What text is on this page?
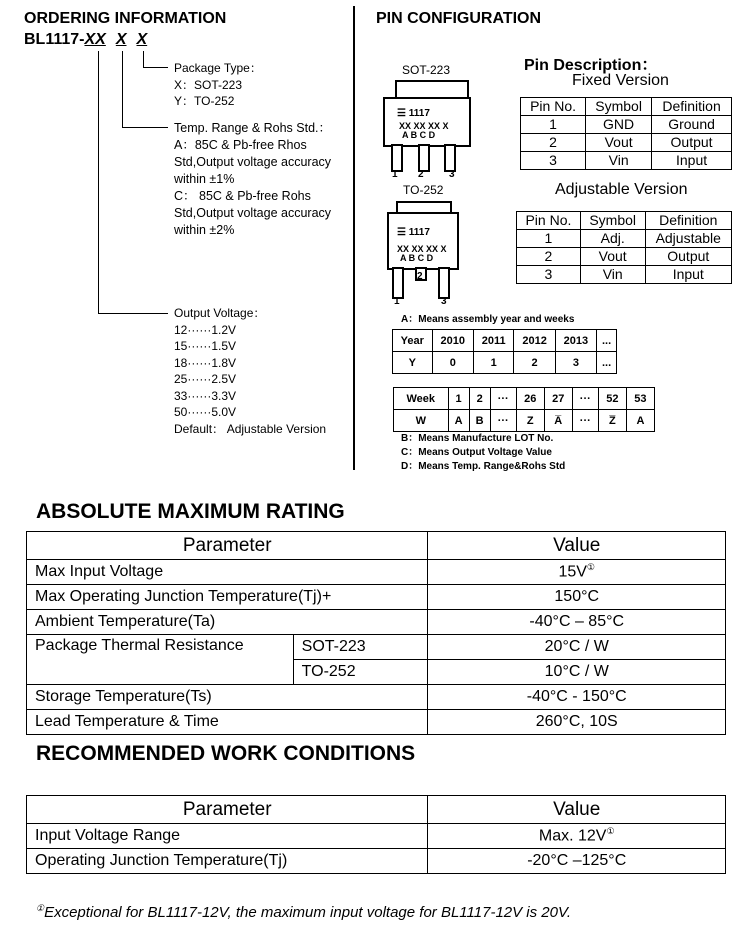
ORDERING INFORMATION
BL1117-XX X X
Package Type：
X：SOT-223
Y：TO-252
Temp. Range & Rohs Std.：
A：85C & Pb-free Rhos
Std,Output voltage accuracy
within ±1%
C： 85C & Pb-free Rohs
Std,Output voltage accuracy
within ±2%
Output Voltage：
12······1.2V
15······1.5V
18······1.8V
25······2.5V
33······3.3V
50······5.0V
Default： Adjustable Version
PIN CONFIGURATION
SOT-223
☰ 1117
XX XX XX X
A B C D
1 2	3
TO-252
☰ 1117
XX XX XX X
A B C D
1
2
3
Pin Description：
Fixed Version
Pin No.	Symbol	Definition
1	GND	Ground
2	Vout	Output
3	Vin	Input
Adjustable Version
Pin No.	Symbol	Definition
1	Adj.	Adjustable
2	Vout	Output
3	Vin	Input
A：Means assembly year and weeks
Year	2010	2011	2012	2013	...
Y	0	1	2	3	...
Week	1	2	···	26	27	···	52	53
W	A	B	···	Z	A̅	···	Z̅	A
B：Means Manufacture LOT No.
C：Means Output Voltage Value
D：Means Temp. Range&Rohs Std
ABSOLUTE MAXIMUM RATING
Parameter		Value
Max Input Voltage		15V①
Max Operating Junction Temperature(Tj)+		150°C
Ambient Temperature(Ta)		-40°C – 85°C
Package Thermal Resistance	SOT-223	20°C / W
	TO-252	10°C / W
Storage Temperature(Ts)		-40°C - 150°C
Lead Temperature & Time		260°C, 10S
RECOMMENDED WORK CONDITIONS
Parameter	Value
Input Voltage Range	Max. 12V①
Operating Junction Temperature(Tj)	-20°C –125°C
①Exceptional for BL1117-12V, the maximum input voltage for BL1117-12V is 20V.
